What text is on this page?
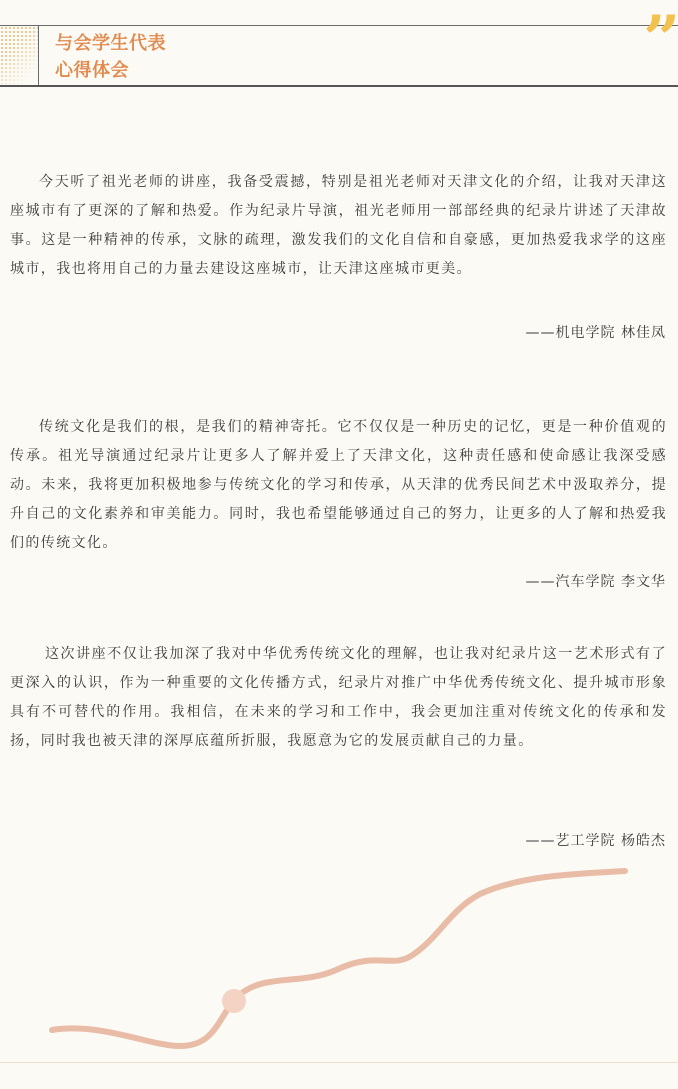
与会学生代表
心得体会	”

今天听了祖光老师的讲座，我备受震撼，特别是祖光老师对天津文化的介绍，让我对天津这座城市有了更深的了解和热爱。作为纪录片导演，祖光老师用一部部经典的纪录片讲述了天津故事。这是一种精神的传承，文脉的疏理，激发我们的文化自信和自豪感，更加热爱我求学的这座城市，我也将用自己的力量去建设这座城市，让天津这座城市更美。

——机电学院 林佳凤

传统文化是我们的根，是我们的精神寄托。它不仅仅是一种历史的记忆，更是一种价值观的传承。祖光导演通过纪录片让更多人了解并爱上了天津文化，这种责任感和使命感让我深受感动。未来，我将更加积极地参与传统文化的学习和传承，从天津的优秀民间艺术中汲取养分，提升自己的文化素养和审美能力。同时，我也希望能够通过自己的努力，让更多的人了解和热爱我们的传统文化。

——汽车学院 李文华

这次讲座不仅让我加深了我对中华优秀传统文化的理解，也让我对纪录片这一艺术形式有了更深入的认识，作为一种重要的文化传播方式，纪录片对推广中华优秀传统文化、提升城市形象具有不可替代的作用。我相信，在未来的学习和工作中，我会更加注重对传统文化的传承和发扬，同时我也被天津的深厚底蕴所折服，我愿意为它的发展贡献自己的力量。

——艺工学院 杨皓杰
